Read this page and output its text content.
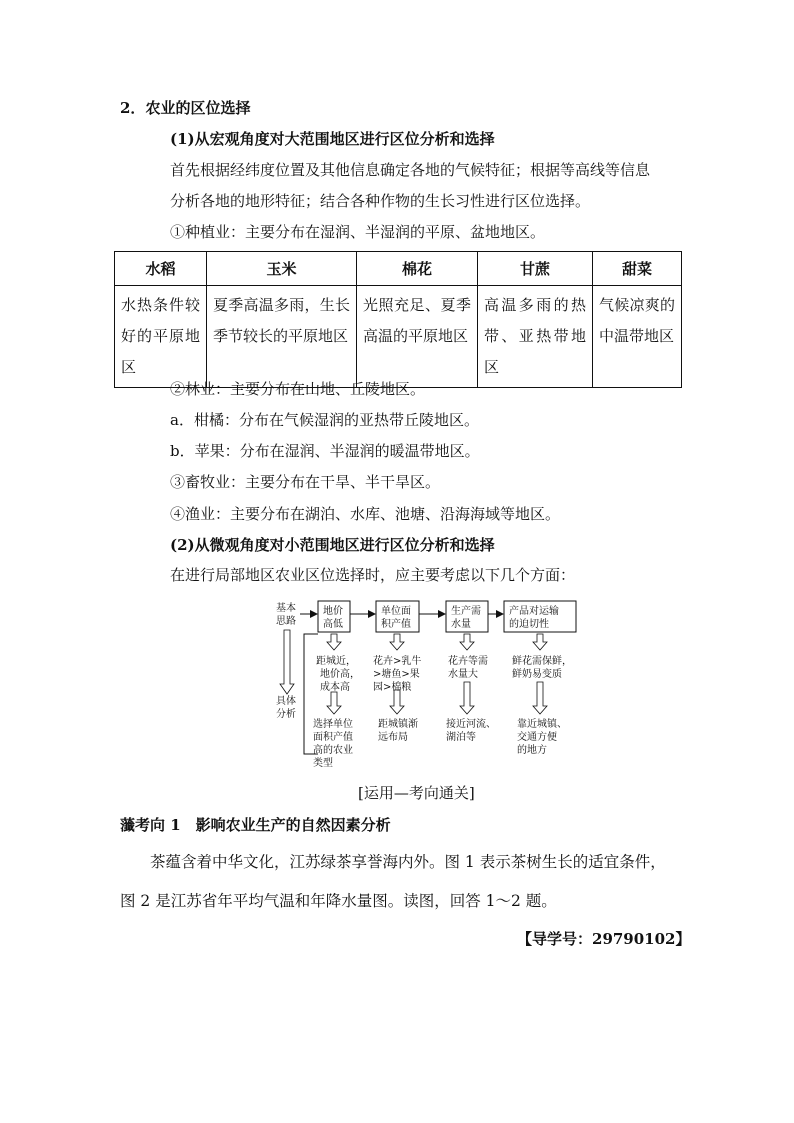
2．农业的区位选择
(1)从宏观角度对大范围地区进行区位分析和选择
首先根据经纬度位置及其他信息确定各地的气候特征；根据等高线等信息
分析各地的地形特征；结合各种作物的生长习性进行区位选择。
①种植业：主要分布在湿润、半湿润的平原、盆地地区。
水稻	玉米	棉花	甘蔗	甜菜
水热条件较好的平原地区	夏季高温多雨，生长季节较长的平原地区	光照充足、夏季高温的平原地区	高温多雨的热带、亚热带地区	气候凉爽的中温带地区
②林业：主要分布在山地、丘陵地区。
a．柑橘：分布在气候湿润的亚热带丘陵地区。
b．苹果：分布在湿润、半湿润的暖温带地区。
③畜牧业：主要分布在干旱、半干旱区。
④渔业：主要分布在湖泊、水库、池塘、沿海海域等地区。
(2)从微观角度对小范围地区进行区位分析和选择
在进行局部地区农业区位选择时，应主要考虑以下几个方面：
基本
思路
具体
分析
地价
高低
单位面
积产值
生产需
水量
产品对运输
的迫切性
距城近，
地价高，
成本高
花卉>乳牛
>塘鱼>果
园>棉粮
花卉等需
水量大
鲜花需保鲜，
鲜奶易变质
选择单位
面积产值
高的农业
类型
距城镇渐
远布局
接近河流、
湖泊等
靠近城镇、
交通方便
的地方
[运用—考向通关]
虃考向 1　影响农业生产的自然因素分析
茶蕴含着中华文化，江苏绿茶享誉海内外。图 1 表示茶树生长的适宜条件，
图 2 是江苏省年平均气温和年降水量图。读图，回答 1～2 题。
【导学号：29790102】
